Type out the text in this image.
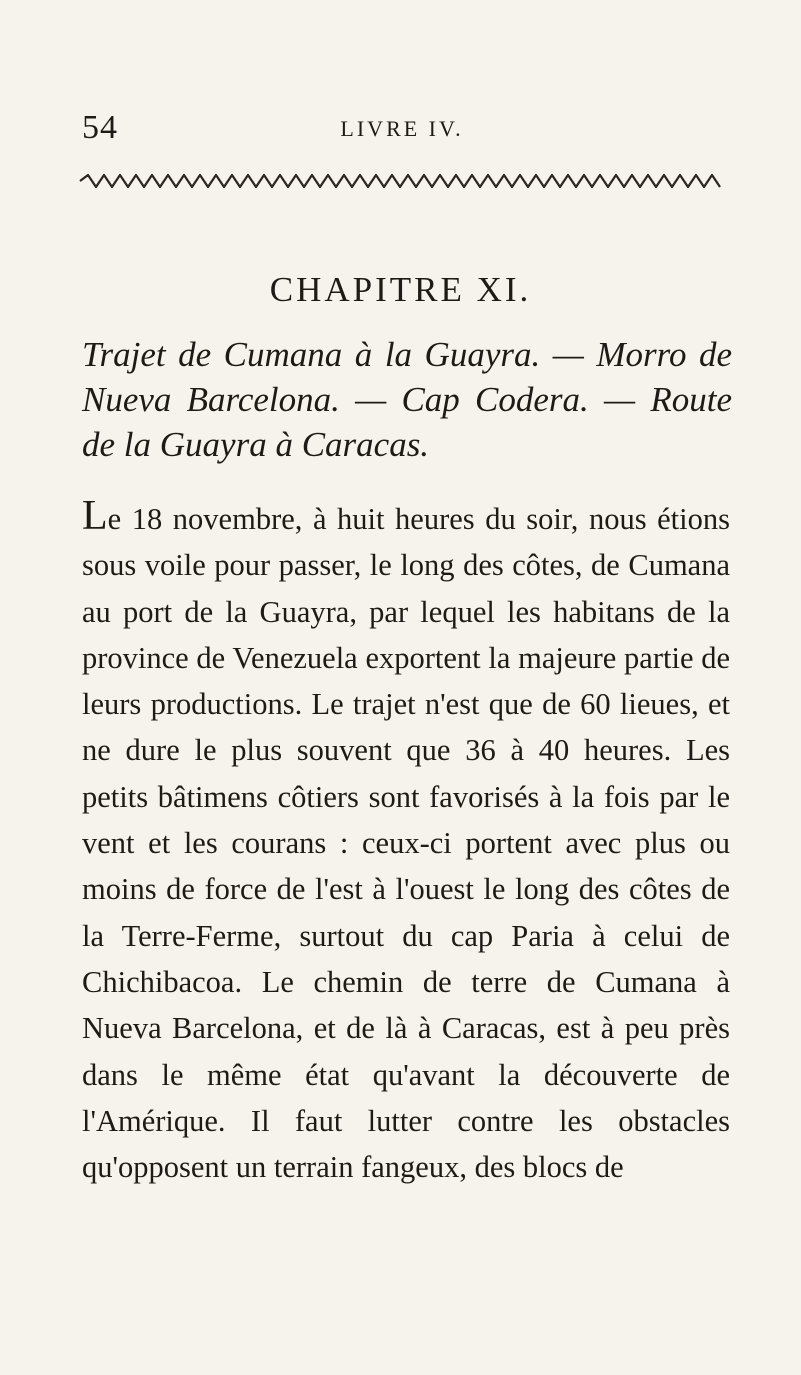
54	LIVRE IV.
CHAPITRE XI.

Trajet de Cumana à la Guayra. — Morro de Nueva Barcelona. — Cap Codera. — Route de la Guayra à Caracas.

Le 18 novembre, à huit heures du soir, nous étions sous voile pour passer, le long des côtes, de Cumana au port de la Guayra, par lequel les habitans de la province de Venezuela exportent la majeure partie de leurs productions. Le trajet n'est que de 60 lieues, et ne dure le plus souvent que 36 à 40 heures. Les petits bâtimens côtiers sont favorisés à la fois par le vent et les courans : ceux-ci portent avec plus ou moins de force de l'est à l'ouest le long des côtes de la Terre-Ferme, surtout du cap Paria à celui de Chichibacoa. Le chemin de terre de Cumana à Nueva Barcelona, et de là à Caracas, est à peu près dans le même état qu'avant la découverte de l'Amérique. Il faut lutter contre les obstacles qu'opposent un terrain fangeux, des blocs de
